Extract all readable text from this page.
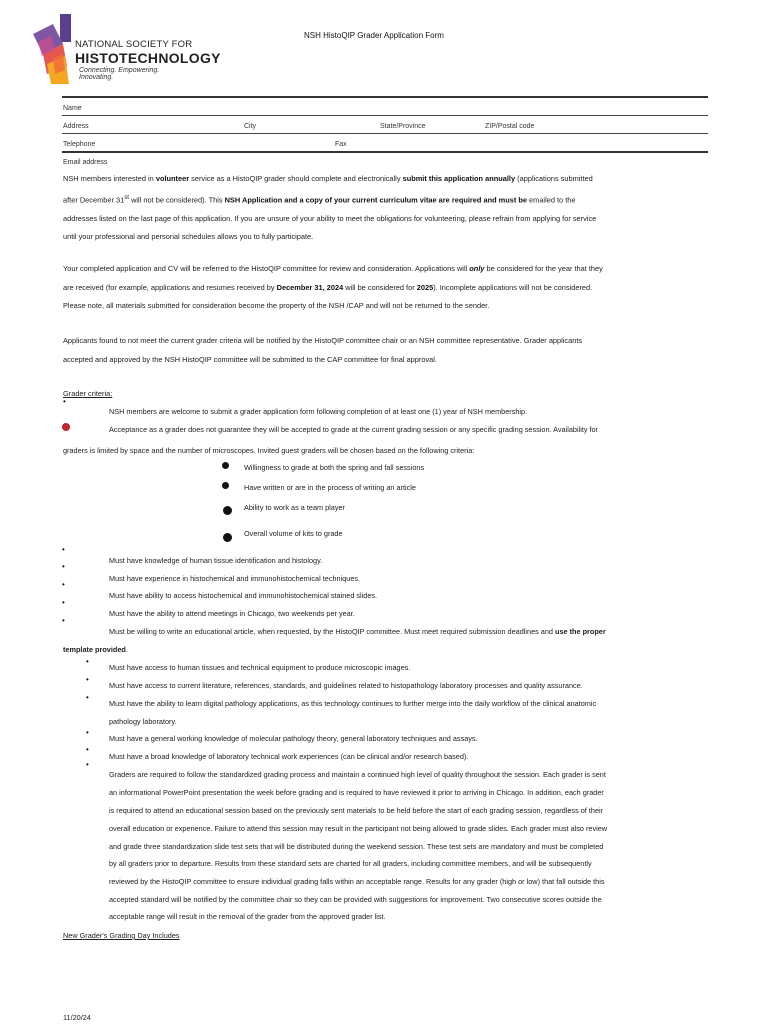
NATIONAL SOCIETY FOR
HISTOTECHNOLOGY
Connecting. Empowering. Innovating.
NSH HistoQIP Grader Application Form
Name
Address	City	State/Province	ZIP/Postal code
Telephone	Fax
Email address
NSH members interested in volunteer service as a HistoQIP grader should complete and electronically submit this application annually (applications submitted
after December 31st will not be considered). This NSH Application and a copy of your current curriculum vitae are required and must be emailed to the
addresses listed on the last page of this application. If you are unsure of your ability to meet the obligations for volunteering, please refrain from applying for service
until your professional and personal schedules allows you to fully participate.
Your completed application and CV will be referred to the HistoQIP committee for review and consideration. Applications will only be considered for the year that they
are received (for example, applications and resumes received by December 31, 2024 will be considered for 2025). Incomplete applications will not be considered.
Please note, all materials submitted for consideration become the property of the NSH /CAP and will not be returned to the sender.
Applicants found to not meet the current grader criteria will be notified by the HistoQIP committee chair or an NSH committee representative. Grader applicants
accepted and approved by the NSH HistoQIP committee will be submitted to the CAP committee for final approval.
Grader criteria:
•
NSH members are welcome to submit a grader application form following completion of at least one (1) year of NSH membership.
Acceptance as a grader does not guarantee they will be accepted to grade at the current grading session or any specific grading session. Availability for
graders is limited by space and the number of microscopes. Invited guest graders will be chosen based on the following criteria:
Willingness to grade at both the spring and fall sessions
Have written or are in the process of writing an article
Ability to work as a team player
Overall volume of kits to grade
•
•
•
•
•
Must have knowledge of human tissue identification and histology.
Must have experience in histochemical and immunohistochemical techniques.
Must have ability to access histochemical and immunohistochemical stained slides.
Must have the ability to attend meetings in Chicago, two weekends per year.
Must be willing to write an educational article, when requested, by the HistoQIP committee. Must meet required submission deadlines and use the proper
template provided.
•
•
•
•
•
•
Must have access to human tissues and technical equipment to produce microscopic images.
Must have access to current literature, references, standards, and guidelines related to histopathology laboratory processes and quality assurance.
Must have the ability to learn digital pathology applications, as this technology continues to further merge into the daily workflow of the clinical anatomic
pathology laboratory.
Must have a general working knowledge of molecular pathology theory, general laboratory techniques and assays.
Must have a broad knowledge of laboratory technical work experiences (can be clinical and/or research based).
Graders are required to follow the standardized grading process and maintain a continued high level of quality throughout the session. Each grader is sent
an informational PowerPoint presentation the week before grading and is required to have reviewed it prior to arriving in Chicago. In addition, each grader
is required to attend an educational session based on the previously sent materials to be held before the start of each grading session, regardless of their
overall education or experience. Failure to attend this session may result in the participant not being allowed to grade slides. Each grader must also review
and grade three standardization slide test sets that will be distributed during the weekend session. These test sets are mandatory and must be completed
by all graders prior to departure. Results from these standard sets are charted for all graders, including committee members, and will be subsequently
reviewed by the HistoQIP committee to ensure individual grading falls within an acceptable range. Results for any grader (high or low) that fall outside this
accepted standard will be notified by the committee chair so they can be provided with suggestions for improvement. Two consecutive scores outside the
acceptable range will result in the removal of the grader from the approved grader list.
New Grader's Grading Day Includes
11/20/24
